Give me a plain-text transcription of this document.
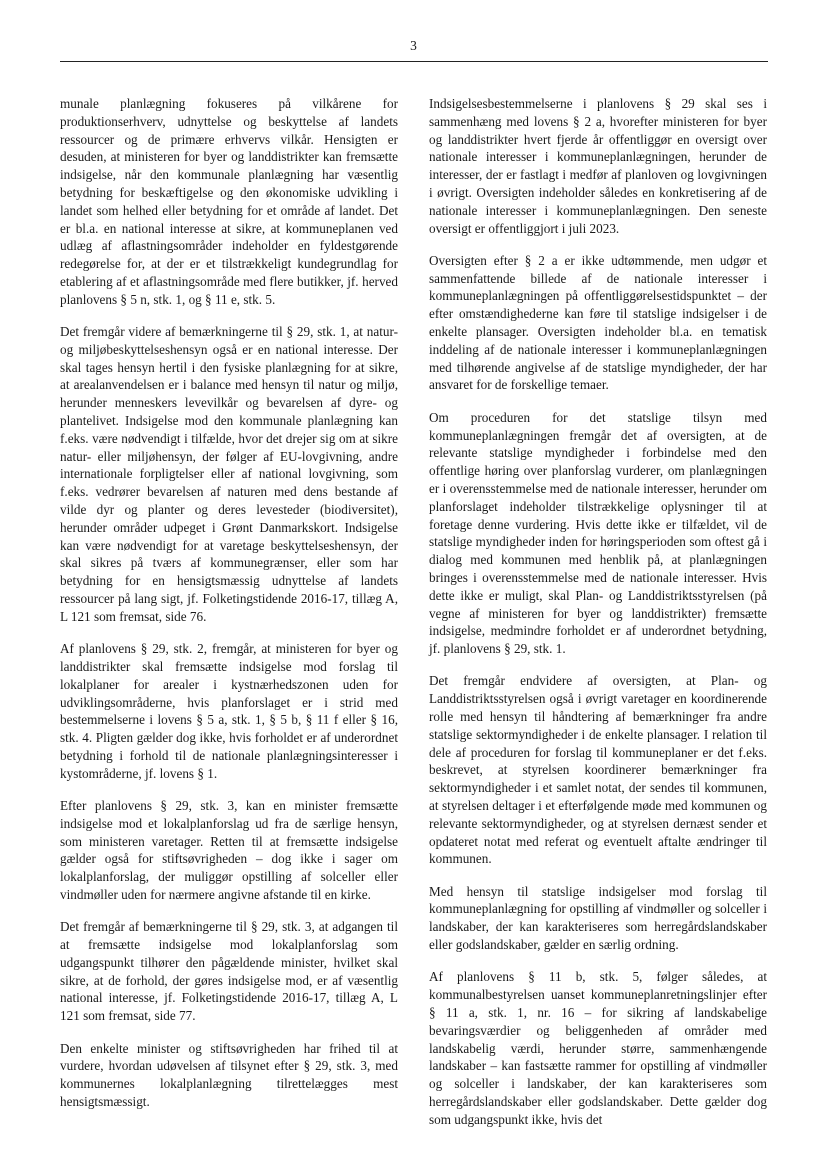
3

munale planlægning fokuseres på vilkårene for produktionserhverv, udnyttelse og beskyttelse af landets ressourcer og de primære erhvervs vilkår. Hensigten er desuden, at ministeren for byer og landdistrikter kan fremsætte indsigelse, når den kommunale planlægning har væsentlig betydning for beskæftigelse og den økonomiske udvikling i landet som helhed eller betydning for et område af landet. Det er bl.a. en national interesse at sikre, at kommuneplanen ved udlæg af aflastningsområder indeholder en fyldestgørende redegørelse for, at der er et tilstrækkeligt kundegrundlag for etablering af et aflastningsområde med flere butikker, jf. herved planlovens § 5 n, stk. 1, og § 11 e, stk. 5.

Det fremgår videre af bemærkningerne til § 29, stk. 1, at natur- og miljøbeskyttelseshensyn også er en national interesse. Der skal tages hensyn hertil i den fysiske planlægning for at sikre, at arealanvendelsen er i balance med hensyn til natur og miljø, herunder menneskers levevilkår og bevarelsen af dyre- og plantelivet. Indsigelse mod den kommunale planlægning kan f.eks. være nødvendigt i tilfælde, hvor det drejer sig om at sikre natur- eller miljøhensyn, der følger af EU-lovgivning, andre internationale forpligtelser eller af national lovgivning, som f.eks. vedrører bevarelsen af naturen med dens bestande af vilde dyr og planter og deres levesteder (biodiversitet), herunder områder udpeget i Grønt Danmarkskort. Indsigelse kan være nødvendigt for at varetage beskyttelseshensyn, der skal sikres på tværs af kommunegrænser, eller som har betydning for en hensigtsmæssig udnyttelse af landets ressourcer på lang sigt, jf. Folketingstidende 2016-17, tillæg A, L 121 som fremsat, side 76.

Af planlovens § 29, stk. 2, fremgår, at ministeren for byer og landdistrikter skal fremsætte indsigelse mod forslag til lokalplaner for arealer i kystnærhedszonen uden for udviklingsområderne, hvis planforslaget er i strid med bestemmelserne i lovens § 5 a, stk. 1, § 5 b, § 11 f eller § 16, stk. 4. Pligten gælder dog ikke, hvis forholdet er af underordnet betydning i forhold til de nationale planlægningsinteresser i kystområderne, jf. lovens § 1.

Efter planlovens § 29, stk. 3, kan en minister fremsætte indsigelse mod et lokalplanforslag ud fra de særlige hensyn, som ministeren varetager. Retten til at fremsætte indsigelse gælder også for stiftsøvrigheden – dog ikke i sager om lokalplanforslag, der muliggør opstilling af solceller eller vindmøller uden for nærmere angivne afstande til en kirke.

Det fremgår af bemærkningerne til § 29, stk. 3, at adgangen til at fremsætte indsigelse mod lokalplanforslag som udgangspunkt tilhører den pågældende minister, hvilket skal sikre, at de forhold, der gøres indsigelse mod, er af væsentlig national interesse, jf. Folketingstidende 2016-17, tillæg A, L 121 som fremsat, side 77.

Den enkelte minister og stiftsøvrigheden har frihed til at vurdere, hvordan udøvelsen af tilsynet efter § 29, stk. 3, med kommunernes lokalplanlægning tilrettelægges mest hensigtsmæssigt.

Indsigelsesbestemmelserne i planlovens § 29 skal ses i sammenhæng med lovens § 2 a, hvorefter ministeren for byer og landdistrikter hvert fjerde år offentliggør en oversigt over nationale interesser i kommuneplanlægningen, herunder de interesser, der er fastlagt i medfør af planloven og lovgivningen i øvrigt. Oversigten indeholder således en konkretisering af de nationale interesser i kommuneplanlægningen. Den seneste oversigt er offentliggjort i juli 2023.

Oversigten efter § 2 a er ikke udtømmende, men udgør et sammenfattende billede af de nationale interesser i kommuneplanlægningen på offentliggørelsestidspunktet – der efter omstændighederne kan føre til statslige indsigelser i de enkelte plansager. Oversigten indeholder bl.a. en tematisk inddeling af de nationale interesser i kommuneplanlægningen med tilhørende angivelse af de statslige myndigheder, der har ansvaret for de forskellige temaer.

Om proceduren for det statslige tilsyn med kommuneplanlægningen fremgår det af oversigten, at de relevante statslige myndigheder i forbindelse med den offentlige høring over planforslag vurderer, om planlægningen er i overensstemmelse med de nationale interesser, herunder om planforslaget indeholder tilstrækkelige oplysninger til at foretage denne vurdering. Hvis dette ikke er tilfældet, vil de statslige myndigheder inden for høringsperioden som oftest gå i dialog med kommunen med henblik på, at planlægningen bringes i overensstemmelse med de nationale interesser. Hvis dette ikke er muligt, skal Plan- og Landdistriktsstyrelsen (på vegne af ministeren for byer og landdistrikter) fremsætte indsigelse, medmindre forholdet er af underordnet betydning, jf. planlovens § 29, stk. 1.

Det fremgår endvidere af oversigten, at Plan- og Landdistriktsstyrelsen også i øvrigt varetager en koordinerende rolle med hensyn til håndtering af bemærkninger fra andre statslige sektormyndigheder i de enkelte plansager. I relation til dele af proceduren for forslag til kommuneplaner er det f.eks. beskrevet, at styrelsen koordinerer bemærkninger fra sektormyndigheder i et samlet notat, der sendes til kommunen, at styrelsen deltager i et efterfølgende møde med kommunen og relevante sektormyndigheder, og at styrelsen dernæst sender et opdateret notat med referat og eventuelt aftalte ændringer til kommunen.

Med hensyn til statslige indsigelser mod forslag til kommuneplanlægning for opstilling af vindmøller og solceller i landskaber, der kan karakteriseres som herregårdslandskaber eller godslandskaber, gælder en særlig ordning.

Af planlovens § 11 b, stk. 5, følger således, at kommunalbestyrelsen uanset kommuneplanretningslinjer efter § 11 a, stk. 1, nr. 16 – for sikring af landskabelige bevaringsværdier og beliggenheden af områder med landskabelig værdi, herunder større, sammenhængende landskaber – kan fastsætte rammer for opstilling af vindmøller og solceller i landskaber, der kan karakteriseres som herregårdslandskaber eller godslandskaber. Dette gælder dog som udgangspunkt ikke, hvis det
